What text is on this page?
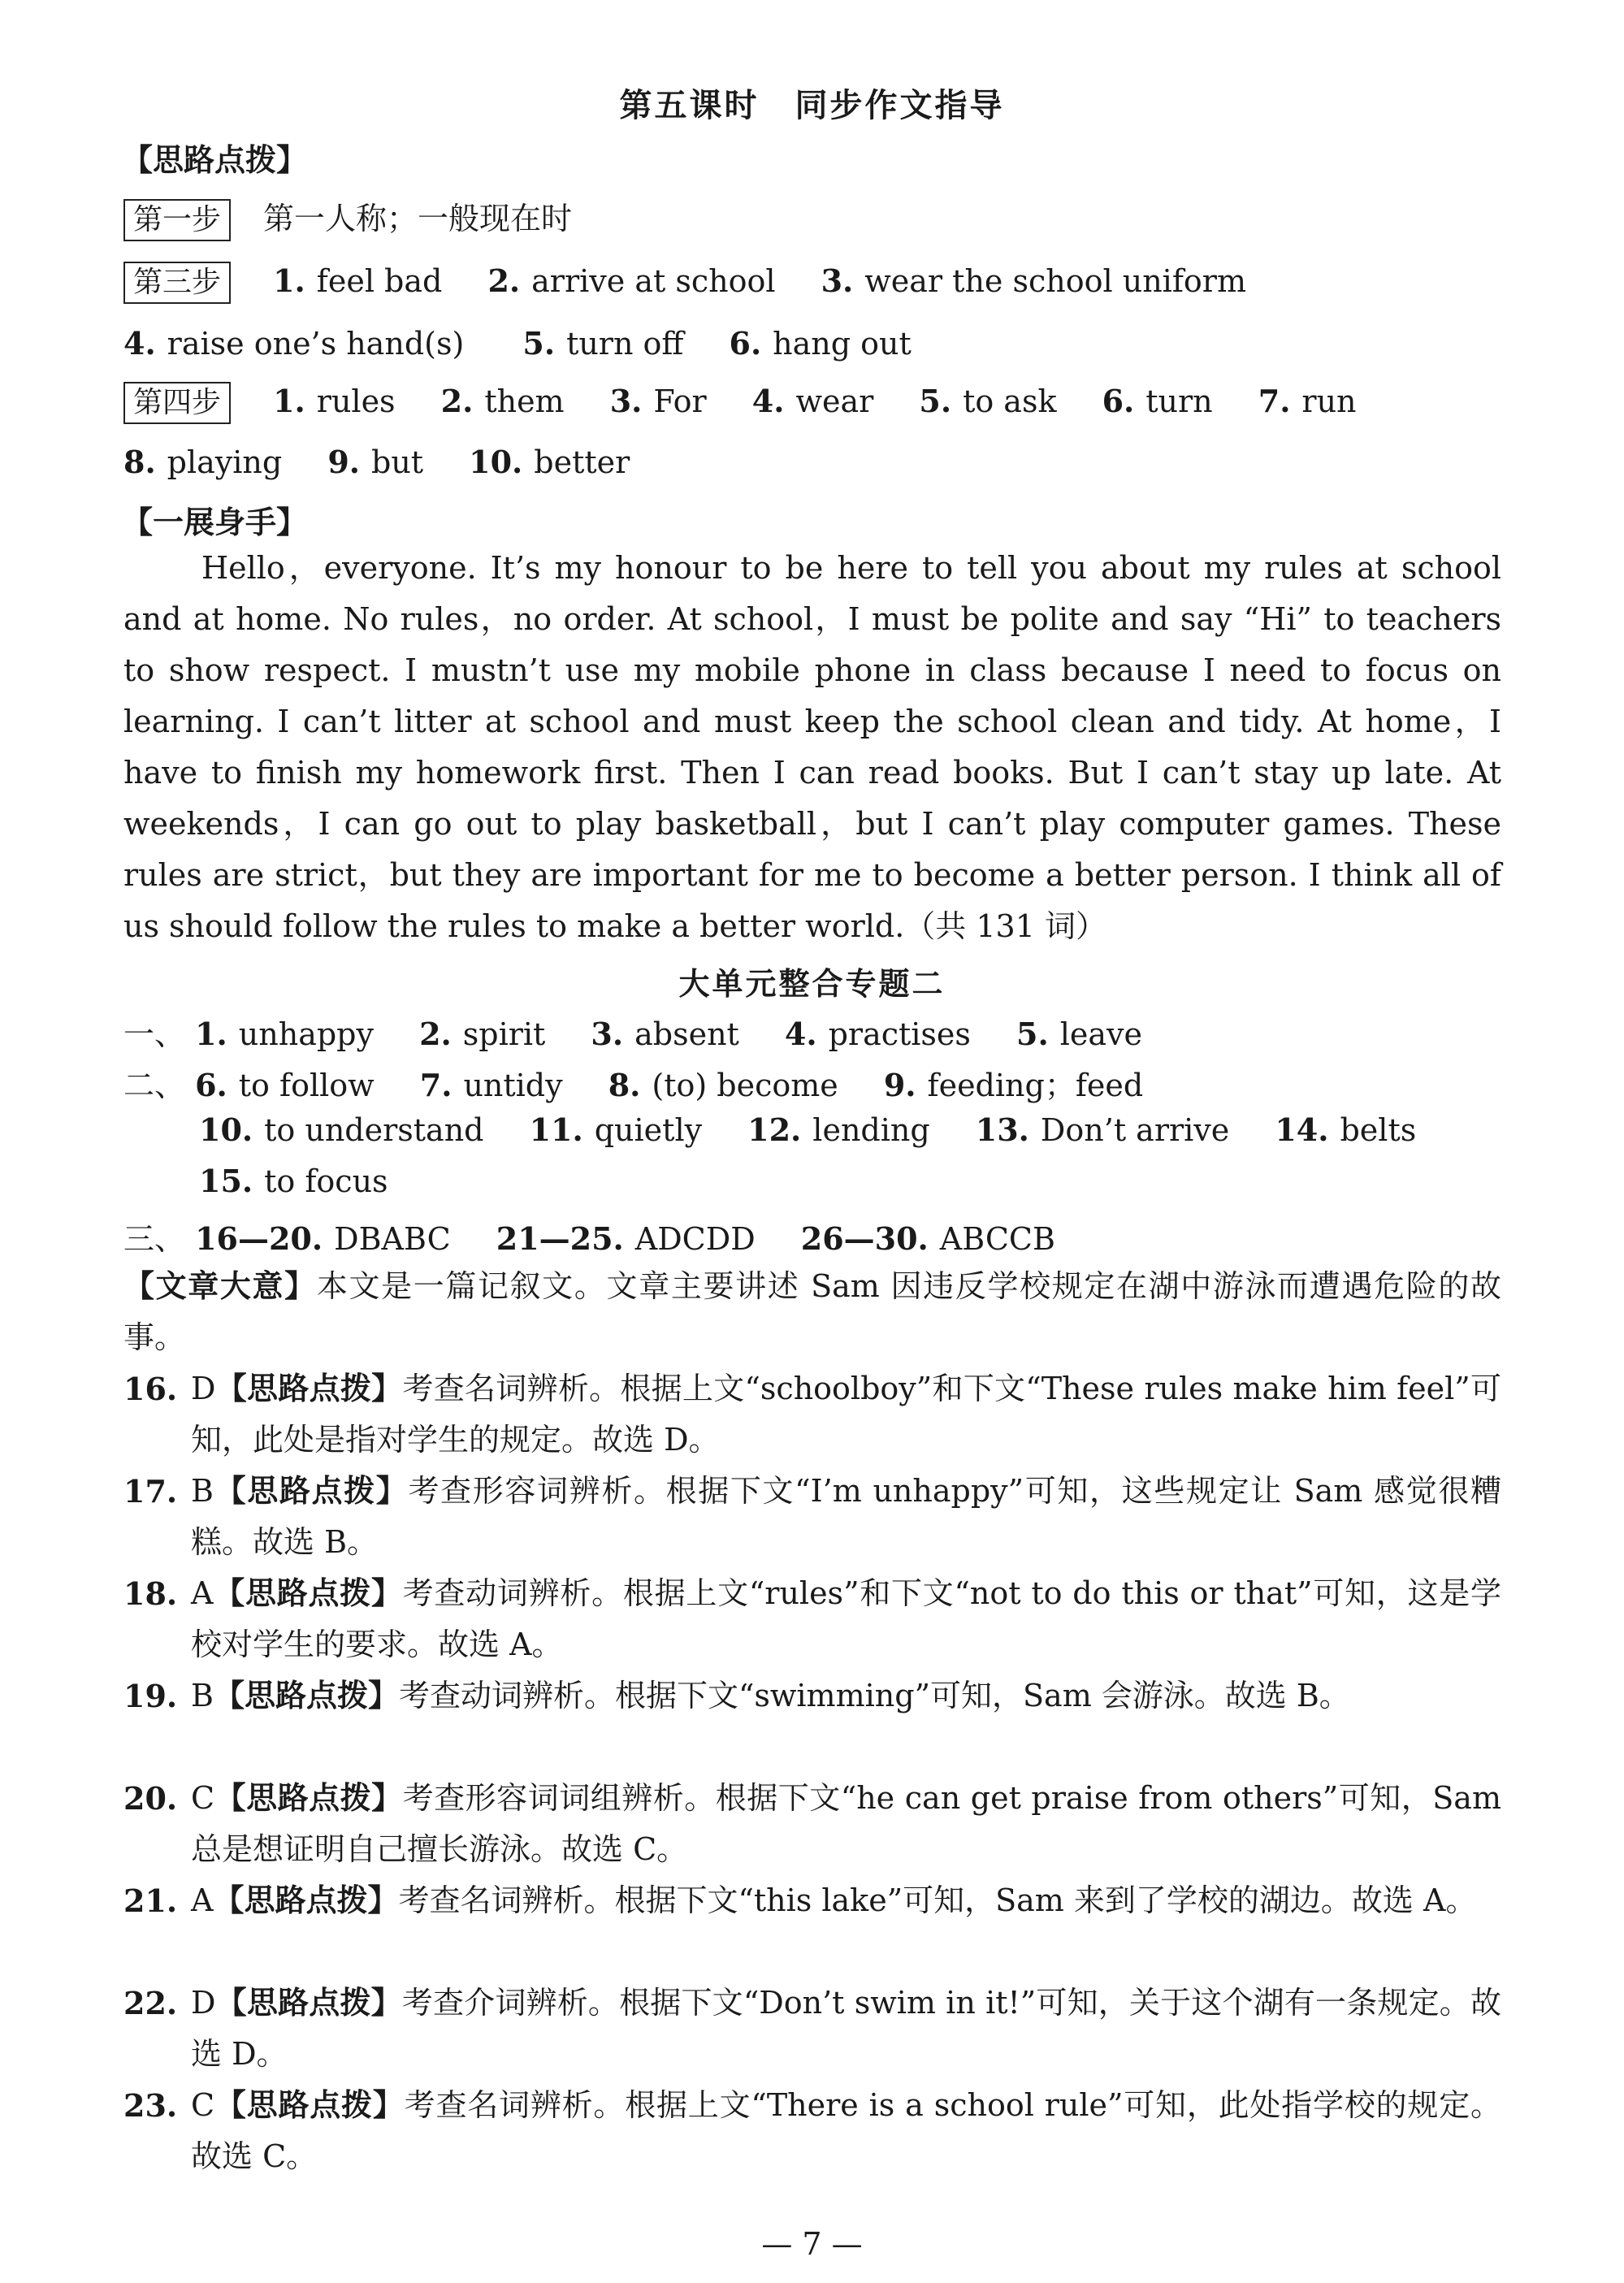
第五课时 同步作文指导
【思路点拨】
第一步 第一人称；一般现在时
第三步 1. feel bad 2. arrive at school 3. wear the school uniform
4. raise one’s hand(s) 5. turn off 6. hang out
第四步 1. rules 2. them 3. For 4. wear 5. to ask 6. turn 7. run
8. playing 9. but 10. better
【一展身手】

Hello，everyone. It’s my honour to be here to tell you about my rules at school and at home. No rules，no order. At school，I must be polite and say “Hi” to teachers to show respect. I mustn’t use my mobile phone in class because I need to focus on learning. I can’t litter at school and must keep the school clean and tidy. At home，I have to finish my homework first. Then I can read books. But I can’t stay up late. At weekends，I can go out to play basketball，but I can’t play computer games. These rules are strict，but they are important for me to become a better person. I think all of us should follow the rules to make a better world.（共 131 词）

大单元整合专题二
一、 1. unhappy 2. spirit 3. absent 4. practises 5. leave
二、 6. to follow 7. untidy 8. (to) become 9. feeding；feed
10. to understand 11. quietly 12. lending 13. Don’t arrive 14. belts
15. to focus
三、 16—20. DBABC 21—25. ADCDD 26—30. ABCCB

【文章大意】本文是一篇记叙文。文章主要讲述 Sam 因违反学校规定在湖中游泳而遭遇危险的故事。

16. D【思路点拨】考查名词辨析。根据上文“schoolboy”和下文“These rules make him feel”可知，此处是指对学生的规定。故选 D。
17. B【思路点拨】考查形容词辨析。根据下文“I’m unhappy”可知，这些规定让 Sam 感觉很糟糕。故选 B。
18. A【思路点拨】考查动词辨析。根据上文“rules”和下文“not to do this or that”可知，这是学校对学生的要求。故选 A。
19. B【思路点拨】考查动词辨析。根据下文“swimming”可知，Sam 会游泳。故选 B。
20. C【思路点拨】考查形容词词组辨析。根据下文“he can get praise from others”可知，Sam 总是想证明自己擅长游泳。故选 C。
21. A【思路点拨】考查名词辨析。根据下文“this lake”可知，Sam 来到了学校的湖边。故选 A。
22. D【思路点拨】考查介词辨析。根据下文“Don’t swim in it!”可知，关于这个湖有一条规定。故选 D。
23. C【思路点拨】考查名词辨析。根据上文“There is a school rule”可知，此处指学校的规定。故选 C。
— 7 —
